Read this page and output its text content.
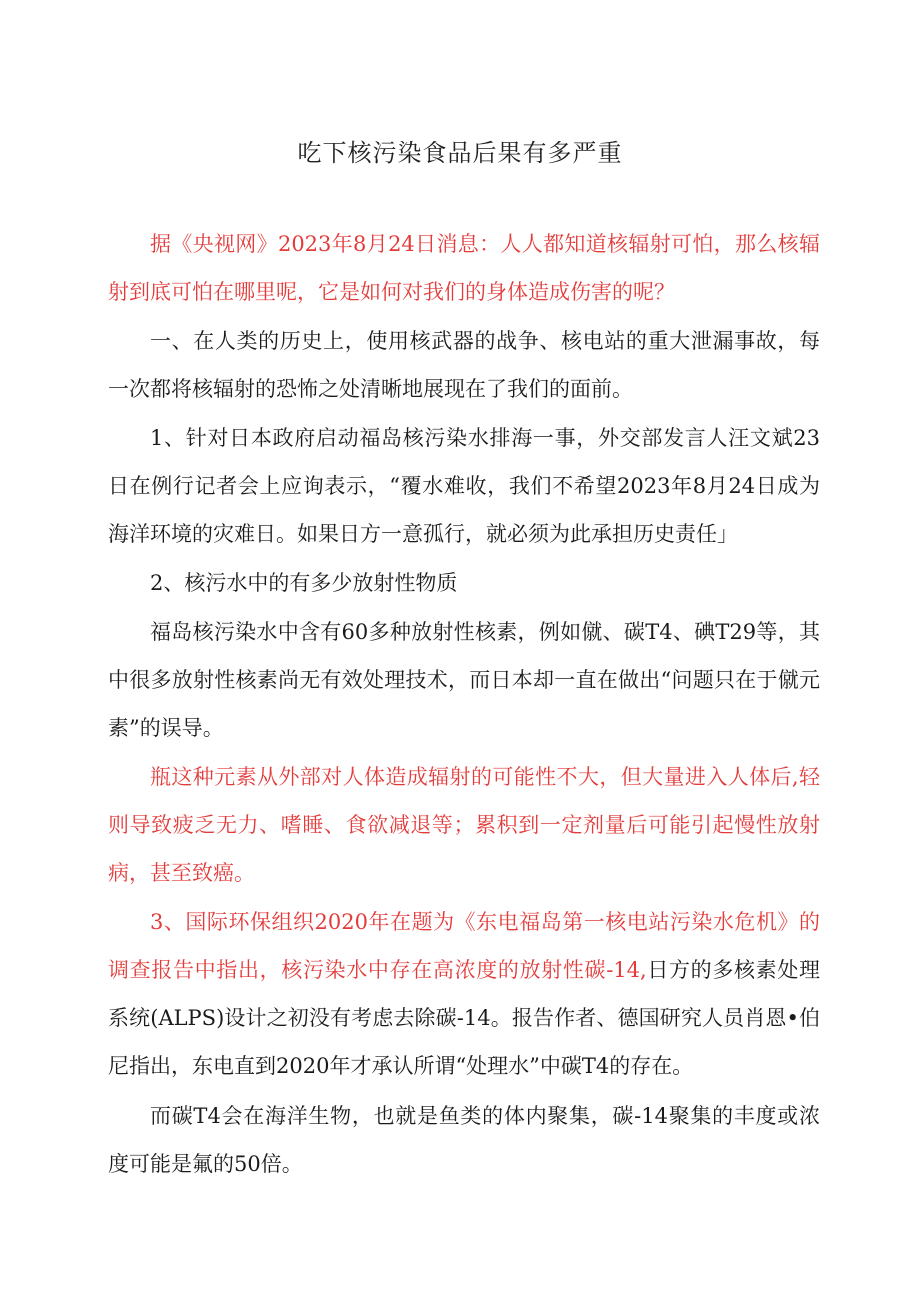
吃下核污染食品后果有多严重
据《央视网》2023年8月24日消息：人人都知道核辐射可怕，那么核辐射到底可怕在哪里呢，它是如何对我们的身体造成伤害的呢？
一、在人类的历史上，使用核武器的战争、核电站的重大泄漏事故，每一次都将核辐射的恐怖之处清晰地展现在了我们的面前。
1、针对日本政府启动福岛核污染水排海一事，外交部发言人汪文斌23日在例行记者会上应询表示，“覆水难收，我们不希望2023年8月24日成为海洋环境的灾难日。如果日方一意孤行，就必须为此承担历史责任」
2、核污水中的有多少放射性物质
福岛核污染水中含有60多种放射性核素，例如僦、碳T4、碘T29等，其中很多放射性核素尚无有效处理技术，而日本却一直在做出“问题只在于僦元素”的误导。
瓶这种元素从外部对人体造成辐射的可能性不大，但大量进入人体后,轻则导致疲乏无力、嗜睡、食欲减退等；累积到一定剂量后可能引起慢性放射病，甚至致癌。
3、国际环保组织2020年在题为《东电福岛第一核电站污染水危机》的调查报告中指出，核污染水中存在高浓度的放射性碳-14,日方的多核素处理系统(ALPS)设计之初没有考虑去除碳-14。报告作者、德国研究人员肖恩•伯尼指出，东电直到2020年才承认所谓“处理水”中碳T4的存在。
而碳T4会在海洋生物，也就是鱼类的体内聚集，碳-14聚集的丰度或浓度可能是氟的50倍。
